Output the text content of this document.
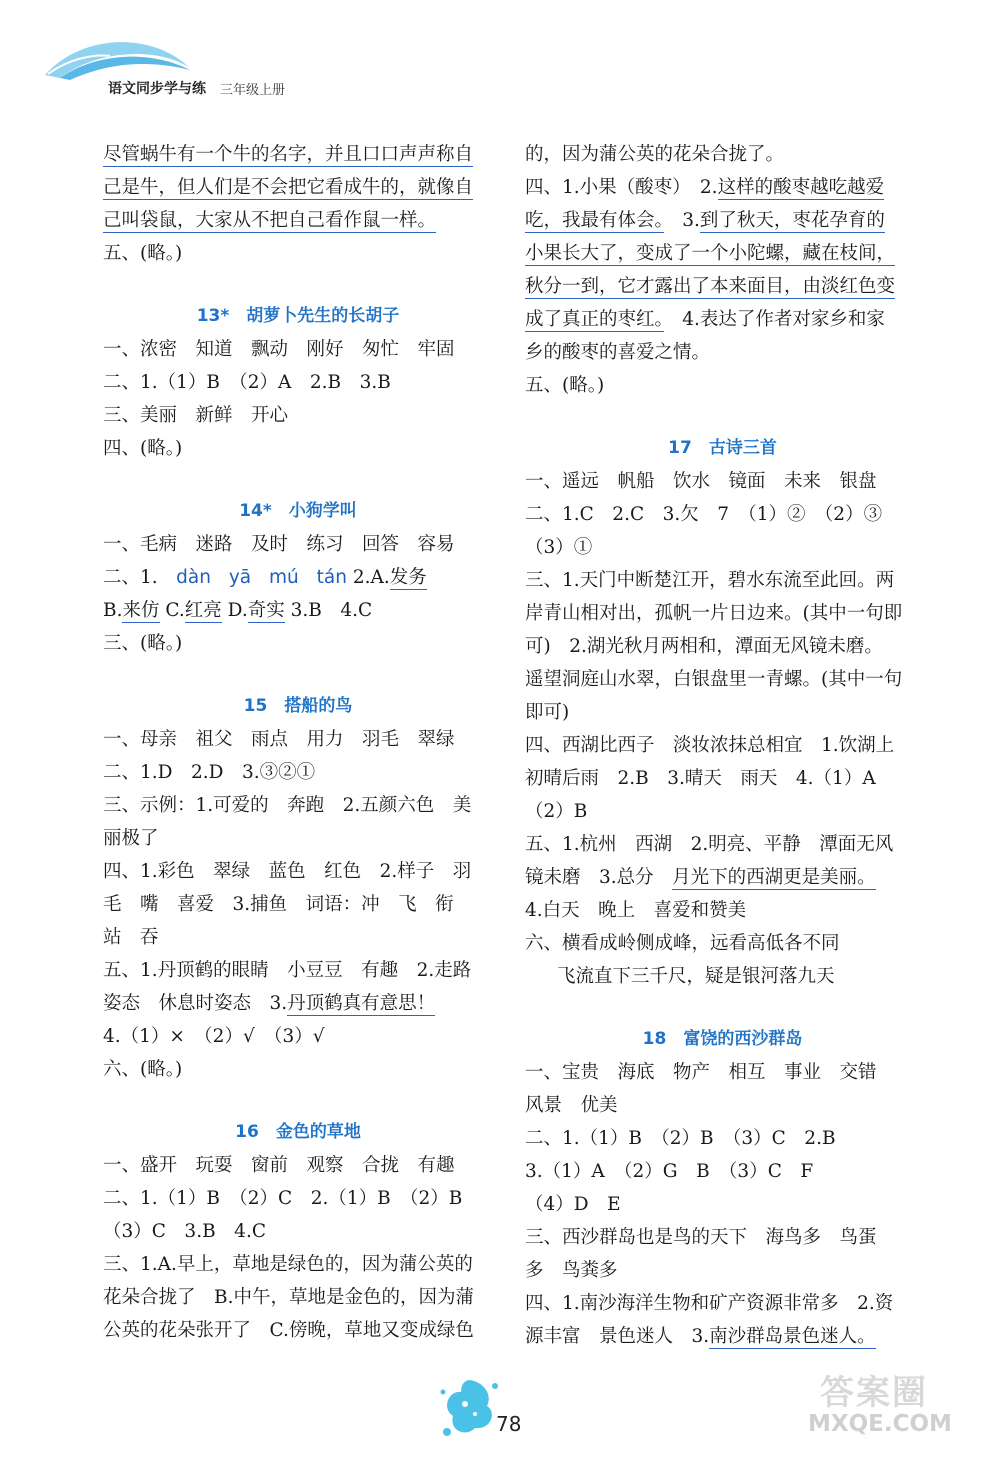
语文同步学与练 三年级上册
尽管蜗牛有一个牛的名字，并且口口声声称自
己是牛，但人们是不会把它看成牛的，就像自
己叫袋鼠，大家从不把自己看作鼠一样。
五、(略。)
13*　胡萝卜先生的长胡子
一、浓密　知道　飘动　刚好　匆忙　牢固
二、1.（1）B　（2）A　2.B　3.B
三、美丽　新鲜　开心
四、(略。)
14*　小狗学叫
一、毛病　迷路　及时　练习　回答　容易
二、1.　dàn yā mú tán 2.A.发务
B.来仿 C.红亮 D.奇实 3.B　4.C
三、(略。)
15　搭船的鸟
一、母亲　祖父　雨点　用力　羽毛　翠绿
二、1.D　2.D　3.③②①
三、示例：1.可爱的　奔跑　2.五颜六色　美
丽极了
四、1.彩色　翠绿　蓝色　红色　2.样子　羽
毛　嘴　喜爱　3.捕鱼　词语：冲　飞　衔
站　吞
五、1.丹顶鹤的眼睛　小豆豆　有趣　2.走路
姿态　休息时姿态　3.丹顶鹤真有意思！
4.（1）×　（2）√　（3）√
六、(略。)
16　金色的草地
一、盛开　玩耍　窗前　观察　合拢　有趣
二、1.（1）B　（2）C　2.（1）B　（2）B
（3）C　3.B　4.C
三、1.A.早上，草地是绿色的，因为蒲公英的
花朵合拢了　B.中午，草地是金色的，因为蒲
公英的花朵张开了　C.傍晚，草地又变成绿色
的，因为蒲公英的花朵合拢了。
四、1.小果（酸枣）　2.这样的酸枣越吃越爱
吃，我最有体会。　3.到了秋天，枣花孕育的
小果长大了，变成了一个小陀螺，藏在枝间，
秋分一到，它才露出了本来面目，由淡红色变
成了真正的枣红。　4.表达了作者对家乡和家
乡的酸枣的喜爱之情。
五、(略。)
17　古诗三首
一、遥远　帆船　饮水　镜面　未来　银盘
二、1.C　2.C　3.欠　7　（1）②　（2）③
（3）①
三、1.天门中断楚江开，碧水东流至此回。两
岸青山相对出，孤帆一片日边来。(其中一句即
可)　2.湖光秋月两相和，潭面无风镜未磨。
遥望洞庭山水翠，白银盘里一青螺。(其中一句
即可)
四、西湖比西子　淡妆浓抹总相宜　1.饮湖上
初晴后雨　2.B　3.晴天　雨天　4.（1）A
（2）B
五、1.杭州　西湖　2.明亮、平静　潭面无风
镜未磨　3.总分　月光下的西湖更是美丽。
4.白天　晚上　喜爱和赞美
六、横看成岭侧成峰，远看高低各不同
飞流直下三千尺，疑是银河落九天
18　富饶的西沙群岛
一、宝贵　海底　物产　相互　事业　交错
风景　优美
二、1.（1）B　（2）B　（3）C　2.B
3.（1）A　（2）G　B　（3）C　F
（4）D　E
三、西沙群岛也是鸟的天下　海鸟多　鸟蛋
多　鸟粪多
四、1.南沙海洋生物和矿产资源非常多　2.资
源丰富　景色迷人　3.南沙群岛景色迷人。
78
答案圈
MXQE.COM
